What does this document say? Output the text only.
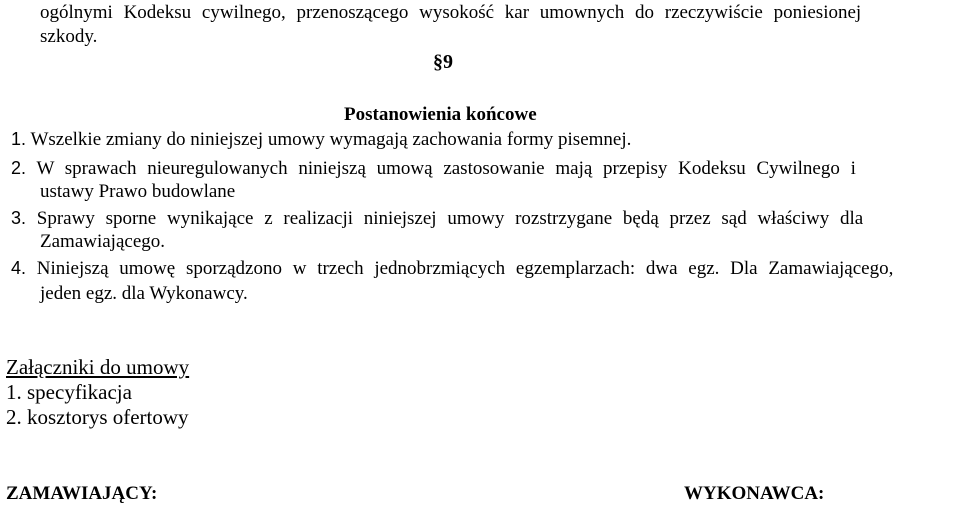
ogólnymi Kodeksu cywilnego, przenoszącego wysokość kar umownych do rzeczywiście poniesionej
szkody.
§9
Postanowienia końcowe
1. Wszelkie zmiany do niniejszej umowy wymagają zachowania formy pisemnej.
2. W sprawach nieuregulowanych niniejszą umową zastosowanie mają przepisy Kodeksu Cywilnego i
ustawy Prawo budowlane
3. Sprawy sporne wynikające z realizacji niniejszej umowy rozstrzygane będą przez sąd właściwy dla
Zamawiającego.
4. Niniejszą umowę sporządzono w trzech jednobrzmiących egzemplarzach: dwa egz. Dla Zamawiającego,
jeden egz. dla Wykonawcy.
Załączniki do umowy
1. specyfikacja
2. kosztorys ofertowy
ZAMAWIAJĄCY:	WYKONAWCA:
